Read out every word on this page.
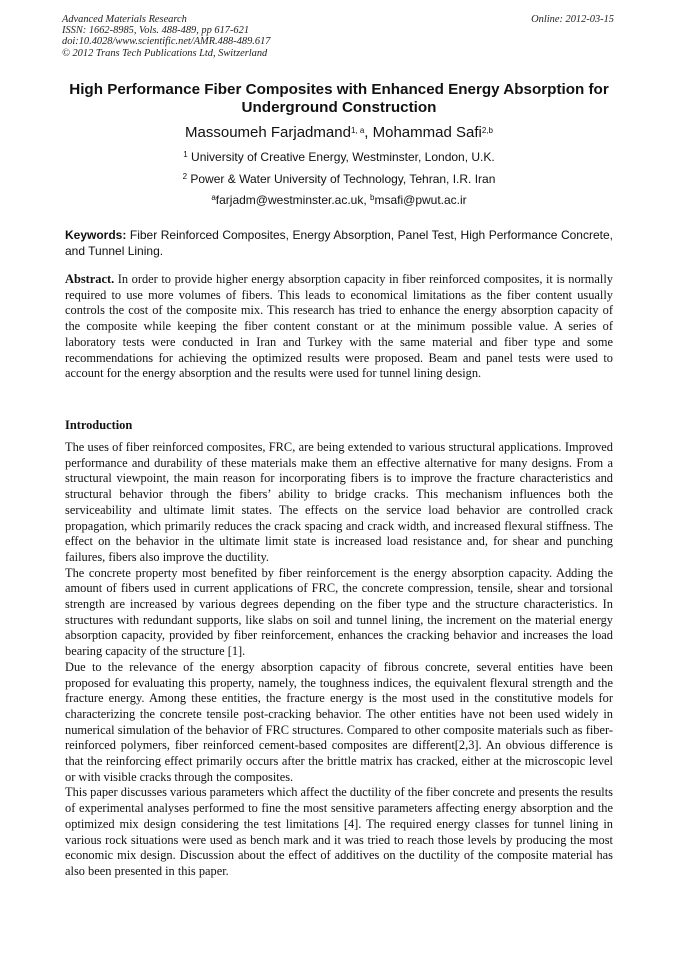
Advanced Materials Research
ISSN: 1662-8985, Vols. 488-489, pp 617-621
doi:10.4028/www.scientific.net/AMR.488-489.617
© 2012 Trans Tech Publications Ltd, Switzerland
Online: 2012-03-15
High Performance Fiber Composites with Enhanced Energy Absorption for Underground Construction
Massoumeh Farjadmand$^{1, a}$, Mohammad Safi$^{2,b}$
$^1$ University of Creative Energy, Westminster, London, U.K.
$^2$ Power & Water University of Technology, Tehran, I.R. Iran
$^a$farjadm@westminster.ac.uk, $^b$msafi@pwut.ac.ir
Keywords: Fiber Reinforced Composites, Energy Absorption, Panel Test, High Performance Concrete, and Tunnel Lining.
Abstract. In order to provide higher energy absorption capacity in fiber reinforced composites, it is normally required to use more volumes of fibers. This leads to economical limitations as the fiber content usually controls the cost of the composite mix. This research has tried to enhance the energy absorption capacity of the composite while keeping the fiber content constant or at the minimum possible value. A series of laboratory tests were conducted in Iran and Turkey with the same material and fiber type and some recommendations for achieving the optimized results were proposed. Beam and panel tests were used to account for the energy absorption and the results were used for tunnel lining design.
Introduction

The uses of fiber reinforced composites, FRC, are being extended to various structural applications. Improved performance and durability of these materials make them an effective alternative for many designs. From a structural viewpoint, the main reason for incorporating fibers is to improve the fracture characteristics and structural behavior through the fibers’ ability to bridge cracks. This mechanism influences both the serviceability and ultimate limit states. The effects on the service load behavior are controlled crack propagation, which primarily reduces the crack spacing and crack width, and increased flexural stiffness. The effect on the behavior in the ultimate limit state is increased load resistance and, for shear and punching failures, fibers also improve the ductility.

The concrete property most benefited by fiber reinforcement is the energy absorption capacity. Adding the amount of fibers used in current applications of FRC, the concrete compression, tensile, shear and torsional strength are increased by various degrees depending on the fiber type and the structure characteristics. In structures with redundant supports, like slabs on soil and tunnel lining, the increment on the material energy absorption capacity, provided by fiber reinforcement, enhances the cracking behavior and increases the load bearing capacity of the structure [1].

Due to the relevance of the energy absorption capacity of fibrous concrete, several entities have been proposed for evaluating this property, namely, the toughness indices, the equivalent flexural strength and the fracture energy. Among these entities, the fracture energy is the most used in the constitutive models for characterizing the concrete tensile post-cracking behavior. The other entities have not been used widely in numerical simulation of the behavior of FRC structures. Compared to other composite materials such as fiber-reinforced polymers, fiber reinforced cement-based composites are different[2,3]. An obvious difference is that the reinforcing effect primarily occurs after the brittle matrix has cracked, either at the microscopic level or with visible cracks through the composites.

This paper discusses various parameters which affect the ductility of the fiber concrete and presents the results of experimental analyses performed to fine the most sensitive parameters affecting energy absorption and the optimized mix design considering the test limitations [4]. The required energy classes for tunnel lining in various rock situations were used as bench mark and it was tried to reach those levels by producing the most economic mix design. Discussion about the effect of additives on the ductility of the composite material has also been presented in this paper.
